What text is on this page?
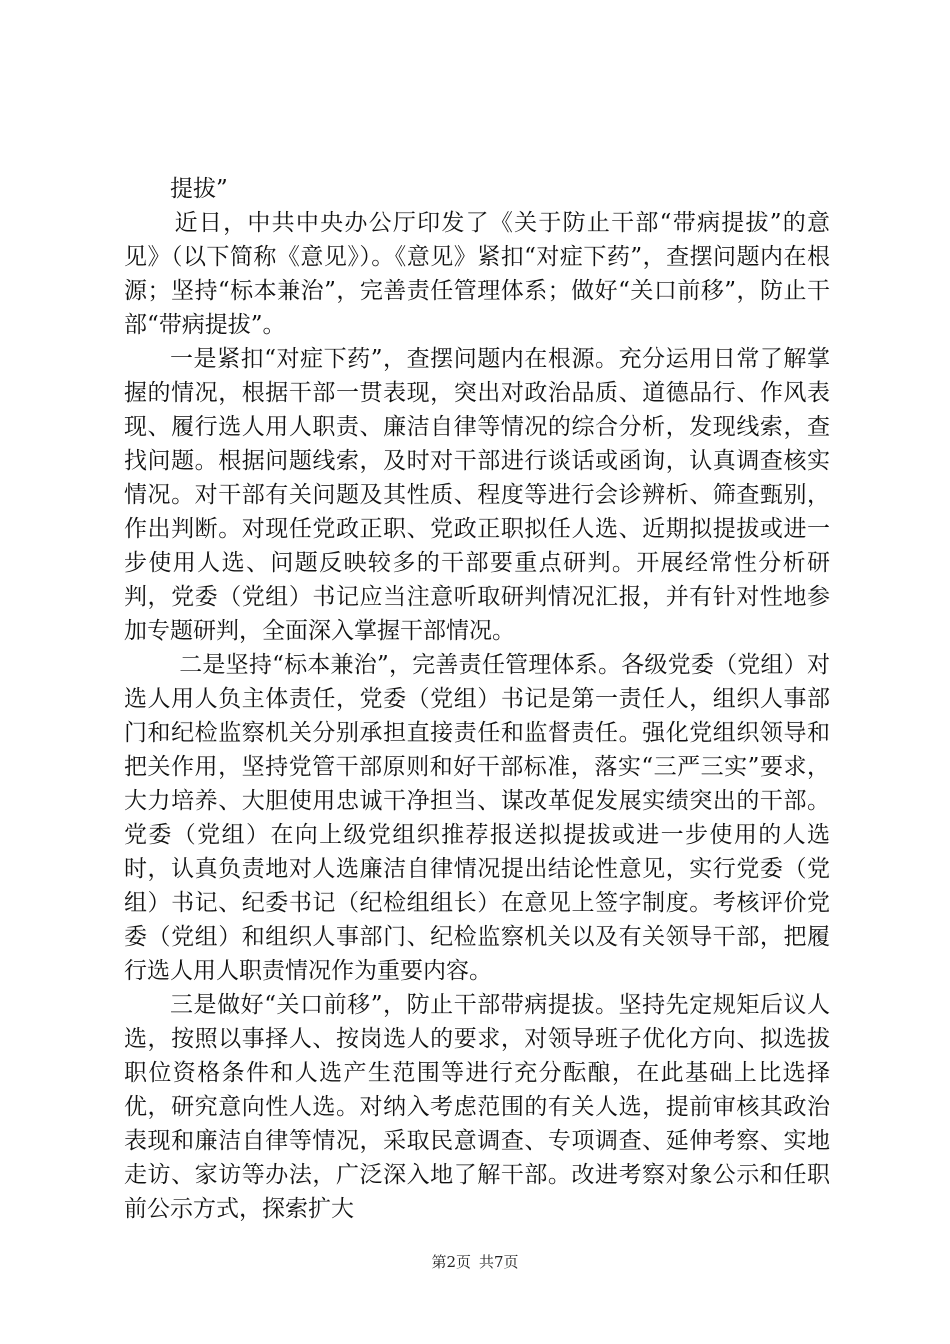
提拔”

近日，中共中央办公厅印发了《关于防止干部“带病提拔”的意见》（以下简称《意见》）。《意见》紧扣“对症下药”，查摆问题内在根源；坚持“标本兼治”，完善责任管理体系；做好“关口前移”，防止干部“带病提拔”。

一是紧扣“对症下药”，查摆问题内在根源。充分运用日常了解掌握的情况，根据干部一贯表现，突出对政治品质、道德品行、作风表现、履行选人用人职责、廉洁自律等情况的综合分析，发现线索，查找问题。根据问题线索，及时对干部进行谈话或函询，认真调查核实情况。对干部有关问题及其性质、程度等进行会诊辨析、筛查甄别，作出判断。对现任党政正职、党政正职拟任人选、近期拟提拔或进一步使用人选、问题反映较多的干部要重点研判。开展经常性分析研判，党委（党组）书记应当注意听取研判情况汇报，并有针对性地参加专题研判，全面深入掌握干部情况。

二是坚持“标本兼治”，完善责任管理体系。各级党委（党组）对选人用人负主体责任，党委（党组）书记是第一责任人，组织人事部门和纪检监察机关分别承担直接责任和监督责任。强化党组织领导和把关作用，坚持党管干部原则和好干部标准，落实“三严三实”要求，大力培养、大胆使用忠诚干净担当、谋改革促发展实绩突出的干部。党委（党组）在向上级党组织推荐报送拟提拔或进一步使用的人选时，认真负责地对人选廉洁自律情况提出结论性意见，实行党委（党组）书记、纪委书记（纪检组组长）在意见上签字制度。考核评价党委（党组）和组织人事部门、纪检监察机关以及有关领导干部，把履行选人用人职责情况作为重要内容。

三是做好“关口前移”，防止干部带病提拔。坚持先定规矩后议人选，按照以事择人、按岗选人的要求，对领导班子优化方向、拟选拔职位资格条件和人选产生范围等进行充分酝酿，在此基础上比选择优，研究意向性人选。对纳入考虑范围的有关人选，提前审核其政治表现和廉洁自律等情况，采取民意调查、专项调查、延伸考察、实地走访、家访等办法，广泛深入地了解干部。改进考察对象公示和任职前公示方式，探索扩大

第2页 共7页
